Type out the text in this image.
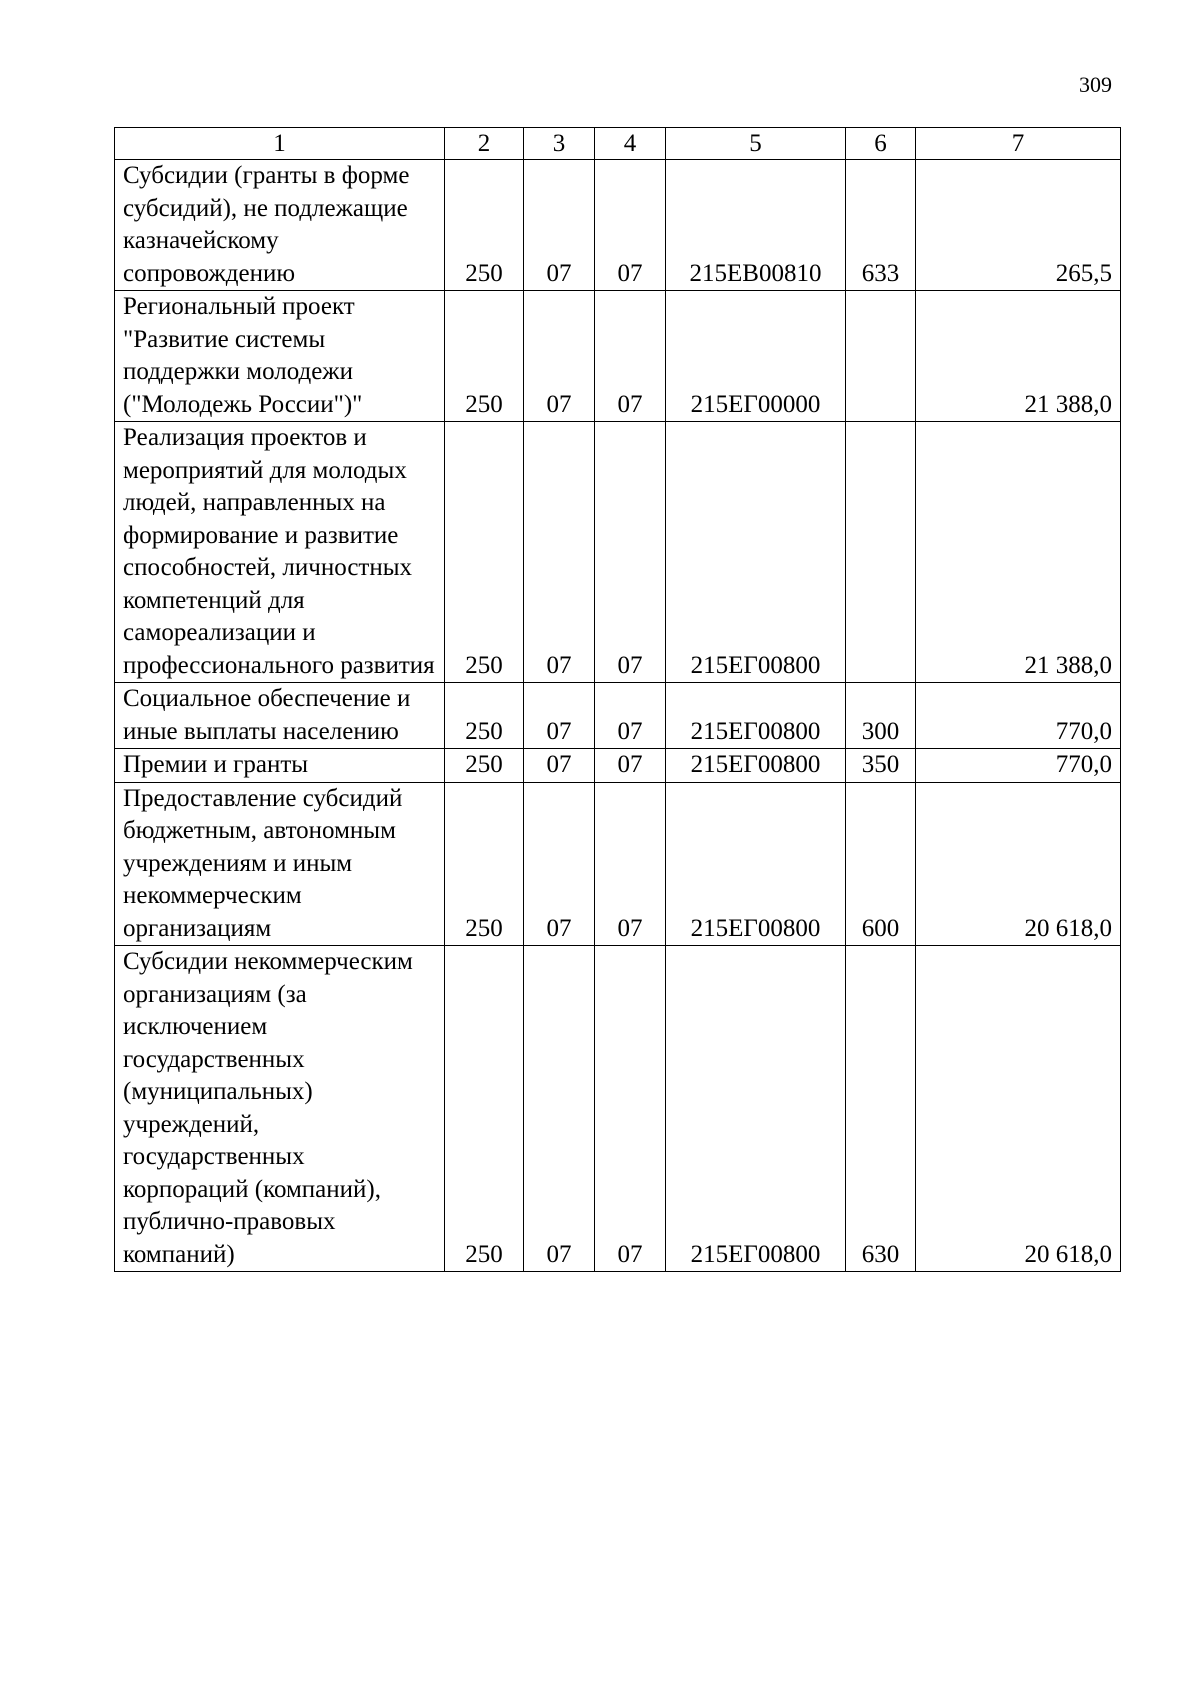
309
1	2	3	4	5	6	7
Субсидии (гранты в форме субсидий), не подлежащие казначейскому сопровождению	250	07	07	215ЕВ00810	633	265,5
Региональный проект "Развитие системы поддержки молодежи ("Молодежь России")"	250	07	07	215ЕГ00000		21 388,0
Реализация проектов и мероприятий для молодых людей, направленных на формирование и развитие способностей, личностных компетенций для самореализации и профессионального развития	250	07	07	215ЕГ00800		21 388,0
Социальное обеспечение и иные выплаты населению	250	07	07	215ЕГ00800	300	770,0
Премии и гранты	250	07	07	215ЕГ00800	350	770,0
Предоставление субсидий бюджетным, автономным учреждениям и иным некоммерческим организациям	250	07	07	215ЕГ00800	600	20 618,0
Субсидии некоммерческим организациям (за исключением государственных (муниципальных) учреждений, государственных корпораций (компаний), публично-правовых компаний)	250	07	07	215ЕГ00800	630	20 618,0
